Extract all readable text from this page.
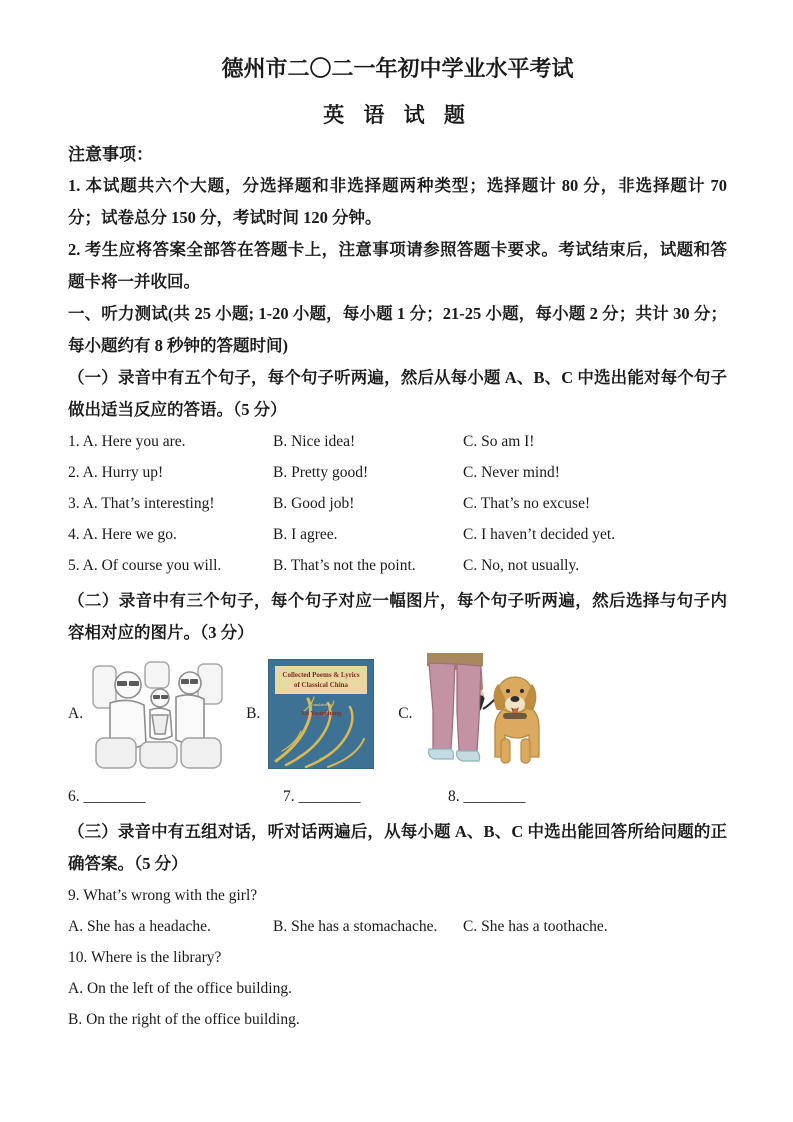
德州市二〇二一年初中学业水平考试
英 语 试 题
注意事项：

1. 本试题共六个大题，分选择题和非选择题两种类型；选择题计 80 分，非选择题计 70 分；试卷总分 150 分，考试时间 120 分钟。

2. 考生应将答案全部答在答题卡上，注意事项请参照答题卡要求。考试结束后，试题和答题卡将一并收回。

一、听力测试(共 25 小题; 1-20 小题，每小题 1 分；21-25 小题，每小题 2 分；共计 30 分；每小题约有 8 秒钟的答题时间)

（一）录音中有五个句子，每个句子听两遍，然后从每小题 A、B、C 中选出能对每个句子做出适当反应的答语。（5 分）

1. A. Here you are.	B. Nice idea!	C. So am I!
2. A. Hurry up!	B. Pretty good!	C. Never mind!
3. A. That’s interesting!	B. Good job!	C. That’s no excuse!
4. A. Here we go.	B. I agree.	C. I haven’t decided yet.
5. A. Of course you will.	B. That’s not the point.	C. No, not usually.

（二）录音中有三个句子，每个句子对应一幅图片，每个句子听两遍，然后选择与句子内容相对应的图片。（3 分）

A.	B.
Collected Poems & Lyrics
of Classical China
Translated by
Xu Yuanchong	C.
6. ________	7. ________	8. ________

（三）录音中有五组对话，听对话两遍后，从每小题 A、B、C 中选出能回答所给问题的正确答案。（5 分）

9. What’s wrong with the girl?
A. She has a headache.	B. She has a stomachache.	C. She has a toothache.
10. Where is the library?
A. On the left of the office building.
B. On the right of the office building.
